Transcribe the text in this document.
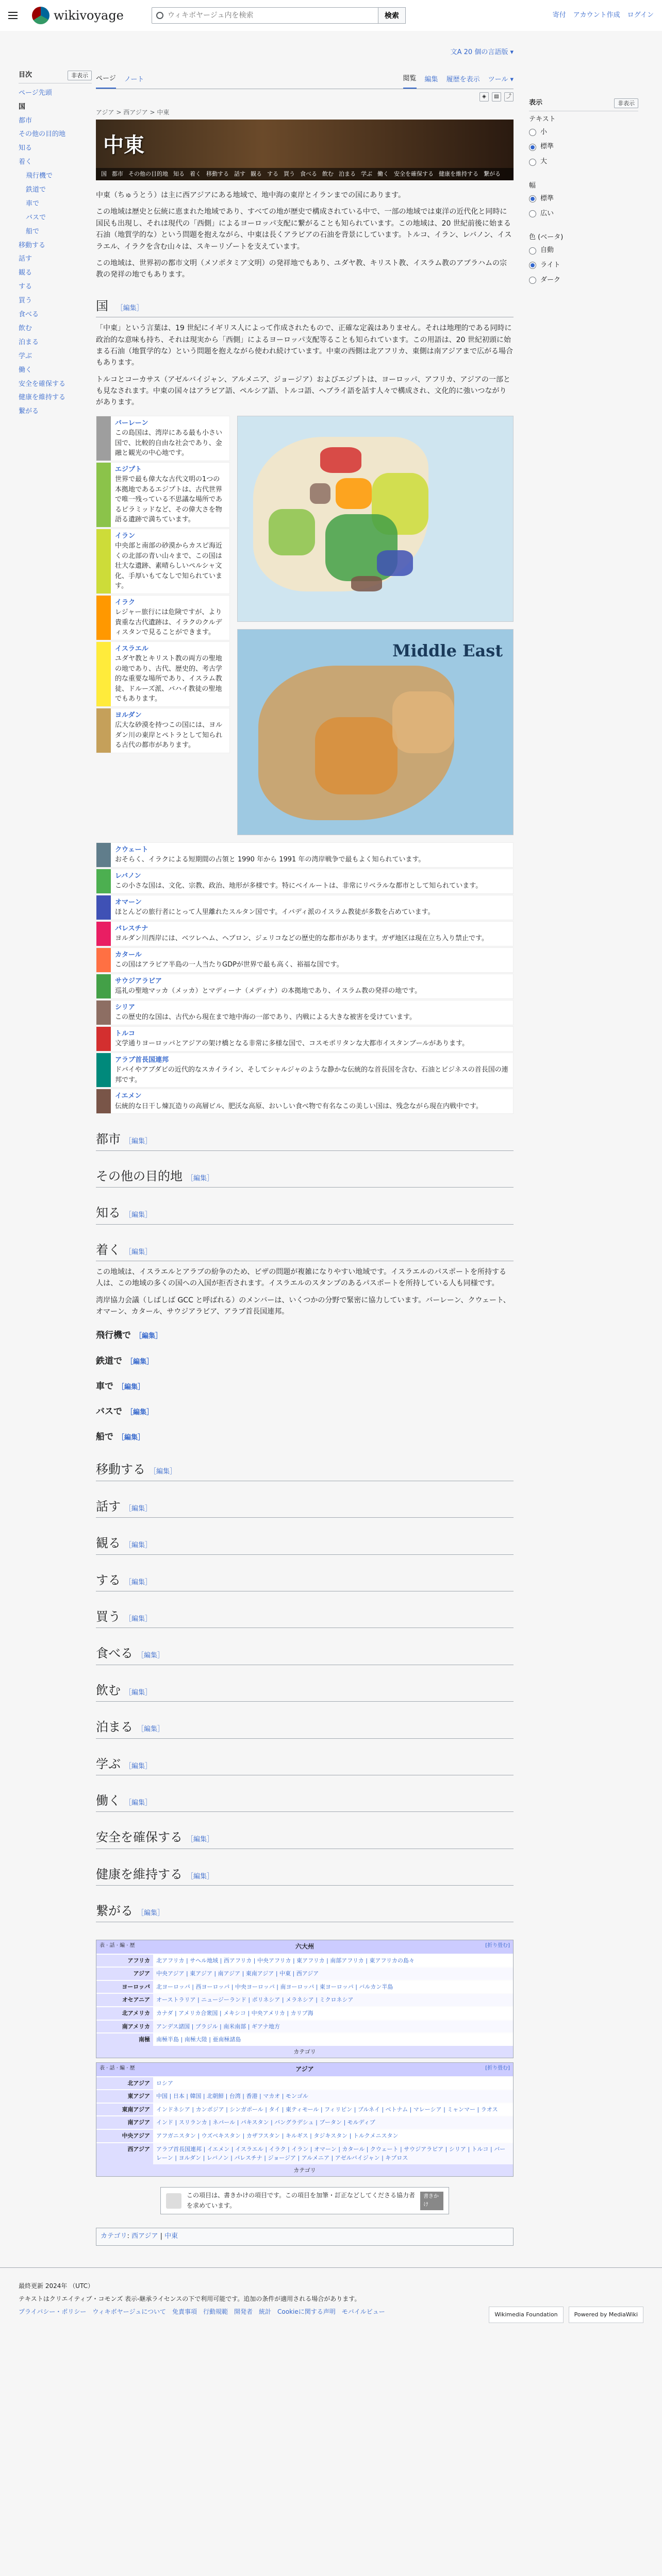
wikivoyage
ウィキボヤージュ内を検索	検索	寄付 アカウント作成 ログイン
目次	非表示
ページ先頭
国
都市
その他の目的地
知る
着く
飛行機で
鉄道で
車で
バスで
船で
移動する
話す
観る
する
買う
食べる
飲む
泊まる
学ぶ
働く
安全を確保する
健康を維持する
繋がる
文A 20 個の言語版 ▾
ページ ノート	閲覧 編集 履歴を表示 ツール ▾
◈	▤	⤴
アジア > 西アジア > 中東
中東
国 都市 その他の目的地 知る 着く 移動する 話す 観る する 買う 食べる 飲む 泊まる 学ぶ 働く 安全を確保する 健康を維持する 繋がる

中東（ちゅうとう）は主に西アジアにある地域で、地中海の東岸とイランまでの国にあります。

この地域は歴史と伝統に恵まれた地域であり、すべての地が歴史で構成されている中で、一部の地域では東洋の近代化と同時に国民も出現し、それは現代の「西側」によるヨーロッパ支配に繋がることも知られています。この地域は、20 世紀前後に始まる石油（地質学的な）という問題を抱えながら、中東は長くアラビアの石油を背景にしています。トルコ、イラン、レバノン、イスラエル、イラクを含む山々は、スキーリゾートを支えています。

この地域は、世界初の都市文明（メソポタミア文明）の発祥地でもあり、ユダヤ教、キリスト教、イスラム教のアブラハムの宗教の発祥の地でもあります。

国 ［編集］

「中東」という言葉は、19 世紀にイギリス人によって作成されたもので、正確な定義はありません。それは地理的である同時に政治的な意味も持ち、それは現実から「西側」によるヨーロッパ支配等ることも知られています。この用語は、20 世紀初頭に始まる石油（地質学的な）という問題を抱えながら使われ続けています。中東の西側は北アフリカ、東側は南アジアまで広がる場合もあります。

トルコとコーカサス（アゼルバイジャン、アルメニア、ジョージア）およびエジプトは、ヨーロッパ、アフリカ、アジアの一部とも見なされます。中東の国々はアラビア語、ペルシア語、トルコ語、ヘブライ語を話す人々で構成され、文化的に強いつながりがあります。

バーレーン
この島国は、湾岸にある最も小さい国で、比較的自由な社会であり、金融と観光の中心地です。
エジプト
世界で最も偉大な古代文明の1つの本拠地であるエジプトは、古代世界で唯一残っている不思議な場所であるピラミッドなど、その偉大さを物語る遺跡で満ちています。
イラン
中央部と南部の砂漠からカスピ海近くの北部の青い山々まで、この国は壮大な遺跡、素晴らしいペルシャ文化、手厚いもてなしで知られています。
イラク
レジャー旅行には危険ですが、より貴重な古代遺跡は、イラクのクルディスタンで見ることができます。
イスラエル
ユダヤ教とキリスト教の両方の聖地の地であり、古代、歴史的、考古学的な重要な場所であり、イスラム教徒、ドルーズ派、バハイ教徒の聖地でもあります。
ヨルダン
広大な砂漠を持つこの国には、ヨルダン川の東岸とペトラとして知られる古代の都市があります。
Middle East
クウェート
おそらく、イラクによる短期間の占領と 1990 年から 1991 年の湾岸戦争で最もよく知られています。
レバノン
この小さな国は、文化、宗教、政治、地形が多様です。特にベイルートは、非常にリベラルな都市として知られています。
オマーン
ほとんどの旅行者にとって人里離れたスルタン国です。イバディ派のイスラム教徒が多数を占めています。
パレスチナ
ヨルダン川西岸には、ベツレヘム、ヘブロン、ジェリコなどの歴史的な都市があります。ガザ地区は現在立ち入り禁止です。
カタール
この国はアラビア半島の一人当たりGDPが世界で最も高く、裕福な国です。
サウジアラビア
巡礼の聖地マッカ（メッカ）とマディーナ（メディナ）の本拠地であり、イスラム教の発祥の地です。
シリア
この歴史的な国は、古代から現在まで地中海の一部であり、内戦による大きな被害を受けています。
トルコ
文学通りヨーロッパとアジアの架け橋となる非常に多様な国で、コスモポリタンな大都市イスタンブールがあります。
アラブ首長国連邦
ドバイやアブダビの近代的なスカイライン、そしてシャルジャのような静かな伝統的な首長国を含む、石油とビジネスの首長国の連邦です。
イエメン
伝統的な日干し煉瓦造りの高層ビル、肥沃な高原、おいしい食べ物で有名なこの美しい国は、残念ながら現在内戦中です。
都市 ［編集］
その他の目的地 ［編集］
知る ［編集］
着く ［編集］

この地域は、イスラエルとアラブの紛争のため、ビザの問題が複雑になりやすい地域です。イスラエルのパスポートを所持する人は、この地域の多くの国への入国が拒否されます。イスラエルのスタンプのあるパスポートを所持している人も同様です。

湾岸協力会議（しばしば GCC と呼ばれる）のメンバーは、いくつかの分野で緊密に協力しています。バーレーン、クウェート、オマーン、カタール、サウジアラビア、アラブ首長国連邦。

飛行機で ［編集］
鉄道で ［編集］
車で ［編集］
バスで ［編集］
船で ［編集］
移動する ［編集］
話す ［編集］
観る ［編集］
する ［編集］
買う ［編集］
食べる ［編集］
飲む ［編集］
泊まる ［編集］
学ぶ ［編集］
働く ［編集］
安全を確保する ［編集］
健康を維持する ［編集］
繋がる ［編集］
表 · 話 · 編 · 歴	六大州	[折り畳む]
アフリカ	北アフリカ | サヘル地域 | 西アフリカ | 中央アフリカ | 東アフリカ | 南部アフリカ | 東アフリカの島々
アジア	中央アジア | 東アジア | 南アジア | 東南アジア | 中東 | 西アジア
ヨーロッパ	北ヨーロッパ | 西ヨーロッパ | 中央ヨーロッパ | 南ヨーロッパ | 東ヨーロッパ | バルカン半島
オセアニア	オーストラリア | ニュージーランド | ポリネシア | メラネシア | ミクロネシア
北アメリカ	カナダ | アメリカ合衆国 | メキシコ | 中央アメリカ | カリブ海
南アメリカ	アンデス諸国 | ブラジル | 南米南部 | ギアナ地方
南極	南極半島 | 南極大陸 | 亜南極諸島
カテゴリ
表 · 話 · 編 · 歴	アジア	[折り畳む]
北アジア	ロシア
東アジア	中国 | 日本 | 韓国 | 北朝鮮 | 台湾 | 香港 | マカオ | モンゴル
東南アジア	インドネシア | カンボジア | シンガポール | タイ | 東ティモール | フィリピン | ブルネイ | ベトナム | マレーシア | ミャンマー | ラオス
南アジア	インド | スリランカ | ネパール | パキスタン | バングラデシュ | ブータン | モルディブ
中央アジア	アフガニスタン | ウズベキスタン | カザフスタン | キルギス | タジキスタン | トルクメニスタン
西アジア	アラブ首長国連邦 | イエメン | イスラエル | イラク | イラン | オマーン | カタール | クウェート | サウジアラビア | シリア | トルコ | バーレーン | ヨルダン | レバノン | パレスチナ | ジョージア | アルメニア | アゼルバイジャン | キプロス
カテゴリ
この項目は、書きかけの項目です。この項目を加筆・訂正などしてくださる協力者を求めています。
書きかけ
カテゴリ: 西アジア | 中東
表示	非表示
テキスト
小
標準
大
幅
標準
広い
色 (ベータ)
自動
ライト
ダーク

最終更新 2024年 （UTC）

テキストはクリエイティブ・コモンズ 表示-継承ライセンスの下で利用可能です。追加の条件が適用される場合があります。

プライバシー・ポリシー ウィキボヤージュについて 免責事項 行動規範 開発者 統計 Cookieに関する声明 モバイルビュー	Wikimedia Foundation	Powered by MediaWiki
